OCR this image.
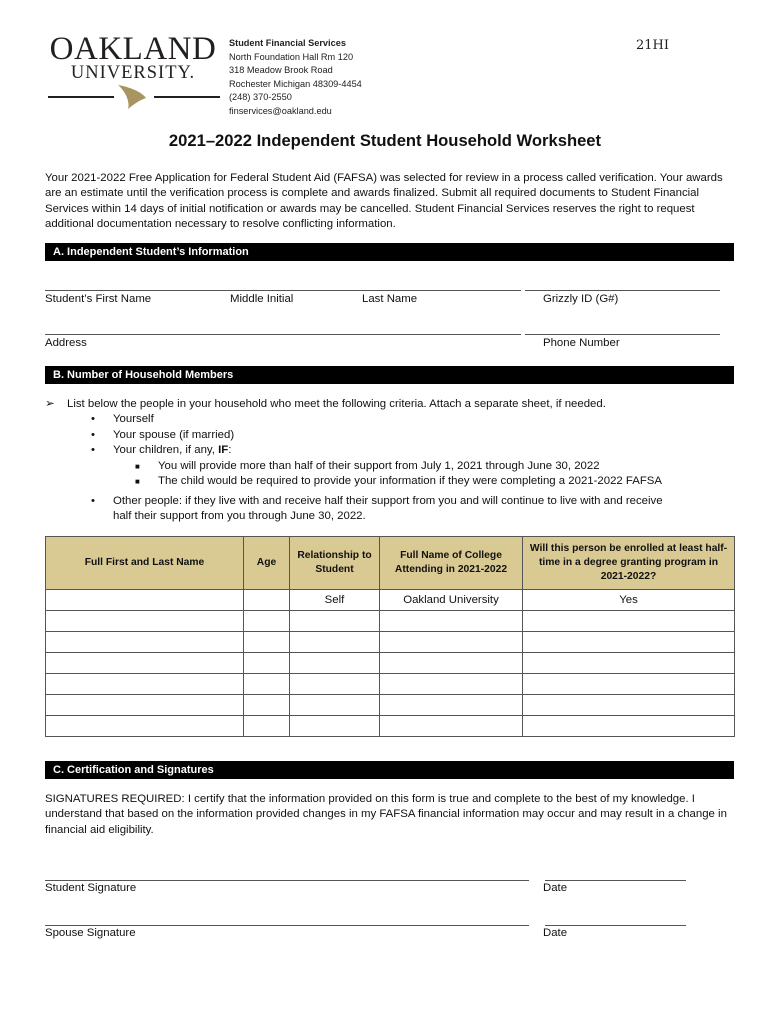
OAKLAND
UNIVERSITY.
Student Financial Services
North Foundation Hall Rm 120
318 Meadow Brook Road
Rochester Michigan 48309-4454
(248) 370-2550
finservices@oakland.edu
21HI
2021–2022 Independent Student Household Worksheet
Your 2021-2022 Free Application for Federal Student Aid (FAFSA) was selected for review in a process called verification. Your awards are an estimate until the verification process is complete and awards finalized. Submit all required documents to Student Financial Services within 14 days of initial notification or awards may be cancelled. Student Financial Services reserves the right to request additional documentation necessary to resolve conflicting information.
A. Independent Student’s Information
Student’s First Name	Middle Initial	Last Name	Grizzly ID (G#)
Address	Phone Number
B. Number of Household Members
➢ List below the people in your household who meet the following criteria. Attach a separate sheet, if needed.
• Yourself
• Your spouse (if married)
• Your children, if any, IF:
■ You will provide more than half of their support from July 1, 2021 through June 30, 2022
■ The child would be required to provide your information if they were completing a 2021-2022 FAFSA
• Other people: if they live with and receive half their support from you and will continue to live with and receive
half their support from you through June 30, 2022.
Full First and Last Name	Age	Relationship to Student	Full Name of College Attending in 2021-2022	Will this person be enrolled at least half-time in a degree granting program in 2021-2022?
		Self	Oakland University	Yes

C. Certification and Signatures
SIGNATURES REQUIRED: I certify that the information provided on this form is true and complete to the best of my knowledge. I understand that based on the information provided changes in my FAFSA financial information may occur and may result in a change in financial aid eligibility.
Student Signature	Date
Spouse Signature	Date
